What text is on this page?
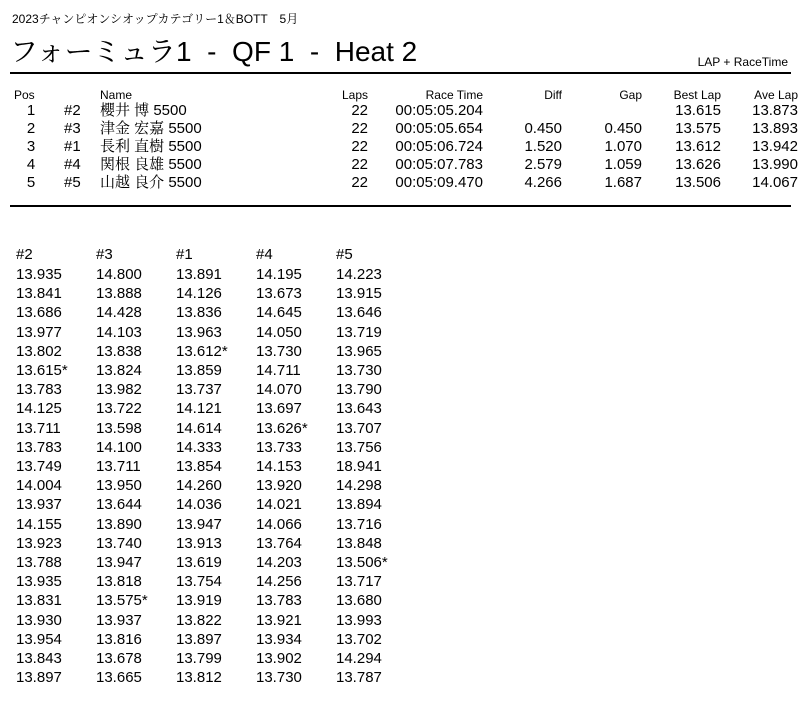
2023チャンピオンシオップカテゴリー1＆BOTT　5月
フォーミュラ1  -  QF 1  -  Heat 2	LAP + RaceTime
Pos		Name	Laps	Race Time	Diff	Gap	Best Lap	Ave Lap
1	#2	櫻井 博 5500	22	00:05:05.204			13.615	13.873
2	#3	津金 宏嘉 5500	22	00:05:05.654	0.450	0.450	13.575	13.893
3	#1	長利 直樹 5500	22	00:05:06.724	1.520	1.070	13.612	13.942
4	#4	関根 良雄 5500	22	00:05:07.783	2.579	1.059	13.626	13.990
5	#5	山越 良介 5500	22	00:05:09.470	4.266	1.687	13.506	14.067
#2	#3	#1	#4	#5
13.935	14.800	13.891	14.195	14.223
13.841	13.888	14.126	13.673	13.915
13.686	14.428	13.836	14.645	13.646
13.977	14.103	13.963	14.050	13.719
13.802	13.838	13.612*	13.730	13.965
13.615*	13.824	13.859	14.711	13.730
13.783	13.982	13.737	14.070	13.790
14.125	13.722	14.121	13.697	13.643
13.711	13.598	14.614	13.626*	13.707
13.783	14.100	14.333	13.733	13.756
13.749	13.711	13.854	14.153	18.941
14.004	13.950	14.260	13.920	14.298
13.937	13.644	14.036	14.021	13.894
14.155	13.890	13.947	14.066	13.716
13.923	13.740	13.913	13.764	13.848
13.788	13.947	13.619	14.203	13.506*
13.935	13.818	13.754	14.256	13.717
13.831	13.575*	13.919	13.783	13.680
13.930	13.937	13.822	13.921	13.993
13.954	13.816	13.897	13.934	13.702
13.843	13.678	13.799	13.902	14.294
13.897	13.665	13.812	13.730	13.787
